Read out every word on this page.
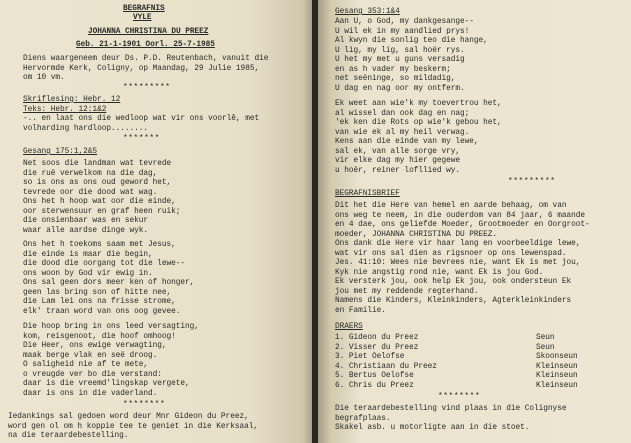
BEGRAFNIS
VYLE
JOHANNA CHRISTINA DU PREEZ
Geb. 21-1-1901 Oorl. 25-7-1985
Diens waargeneem deur Ds. P.D. Reutenbach, vanuit die
Hervormde Kerk, Coligny, op Maandag, 29 Julie 1985,
om 10 vm.
*********
Skriflesing: Hebr. 12
Teks: Hebr. 12:1&2
-.. en laat ons die wedloop wat vir ons voorlê, met
volharding hardloop........
*******
Gesang 175:1,2&5
Net soos die landman wat tevrede
die ruë verwelkom na die dag,
so is ons as ons oud geword het,
tevrede oor die dood wat wag.
Ons het h hoop wat oor die einde,
oor sterwensuur en graf heen ruik;
die onsienbaar was en sekur
waar alle aardse dinge wyk.
Ons het h toekoms saam met Jesus,
die einde is maar die begin,
die dood die oorgang tot die lewe--
ons woon by God vir ewig in.
Ons sal geen dors meer ken of honger,
geen las bring son of hitte nee,
die Lam lei ons na frisse strome,
elk' traan word van ons oog gevee.
Die hoop bring in ons leed versagting,
kom, reisgenoot, die hoof omhoog!
Die Heer, ons ewige verwagting,
maak berge vlak en seë droog.
O saligheid nie af te mete,
o vreugde ver bo die verstand:
daar is die vreemd'lingskap vergete,
daar is ons in die vaderland.
********
Iedankings sal gedoen word deur Mnr Gideon du Preez,
word gen ol om h koppie tee te geniet in die Kerksaal,
na die teraardebestelling.
Gesang 353:1&4
Aan U, o God, my dankgesange--
U wil ek in my aandlied prys!
Al kwyn die sonlig teo die hange,
U lig, my lig, sal hoër rys.
U het my met u guns versadig
en as h vader my beskerm;
net seëninge, so mildadig,
U dag en nag oor my ontferm.
Ek weet aan wie'k my toevertrou het,
al wissel dan ook dag en nag;
'ek ken die Rots op wie'k gebou het,
van wie ek al my heil verwag.
Kens aan die einde van my lewe,
sal ek, van alle sorge vry,
vir elke dag my hier gegewe
u hoër, reiner lofllied wy.
*********
BEGRAFNISBRIEF
Dit het die Here van hemel en aarde behaag, om van
ons weg te neem, in die ouderdom van 84 jaar, 6 maande
en 4 dae, ons geliefde Moeder, Grootmoeder en Oorgroot-
moeder, JOHANNA CHRISTINA DU PREEZ.
Ons dank die Here vir haar lang en voorbeeldige lewe,
wat vir ons sal dien as rigsnoer op ons lewenspad.
Jes. 41:10: Wees nie bevrees nie, want Ek is met jou,
Kyk nie angstig rond nie, want Ek is jou God.
Ek versterk jou, ook help Ek jou, ook ondersteun Ek
jou met my reddende regterhand.
Namens die Kinders, Kleinkinders, Agterkleinkinders
en Familie.
DRAERS
1. Gideon du Preez	Seun
2. Visser du Preez	Seun
3. Piet Oelofse	Skoonseun
4. Christiaan du Preez	Kleinseun
5. Bertus Oelofse	Kleinseun
6. Chris du Preez	Kleinseun
********
Die teraardebestelling vind plaas in die Colignyse
begrafplaas.
Skakel asb. u motorligte aan in die stoet.
